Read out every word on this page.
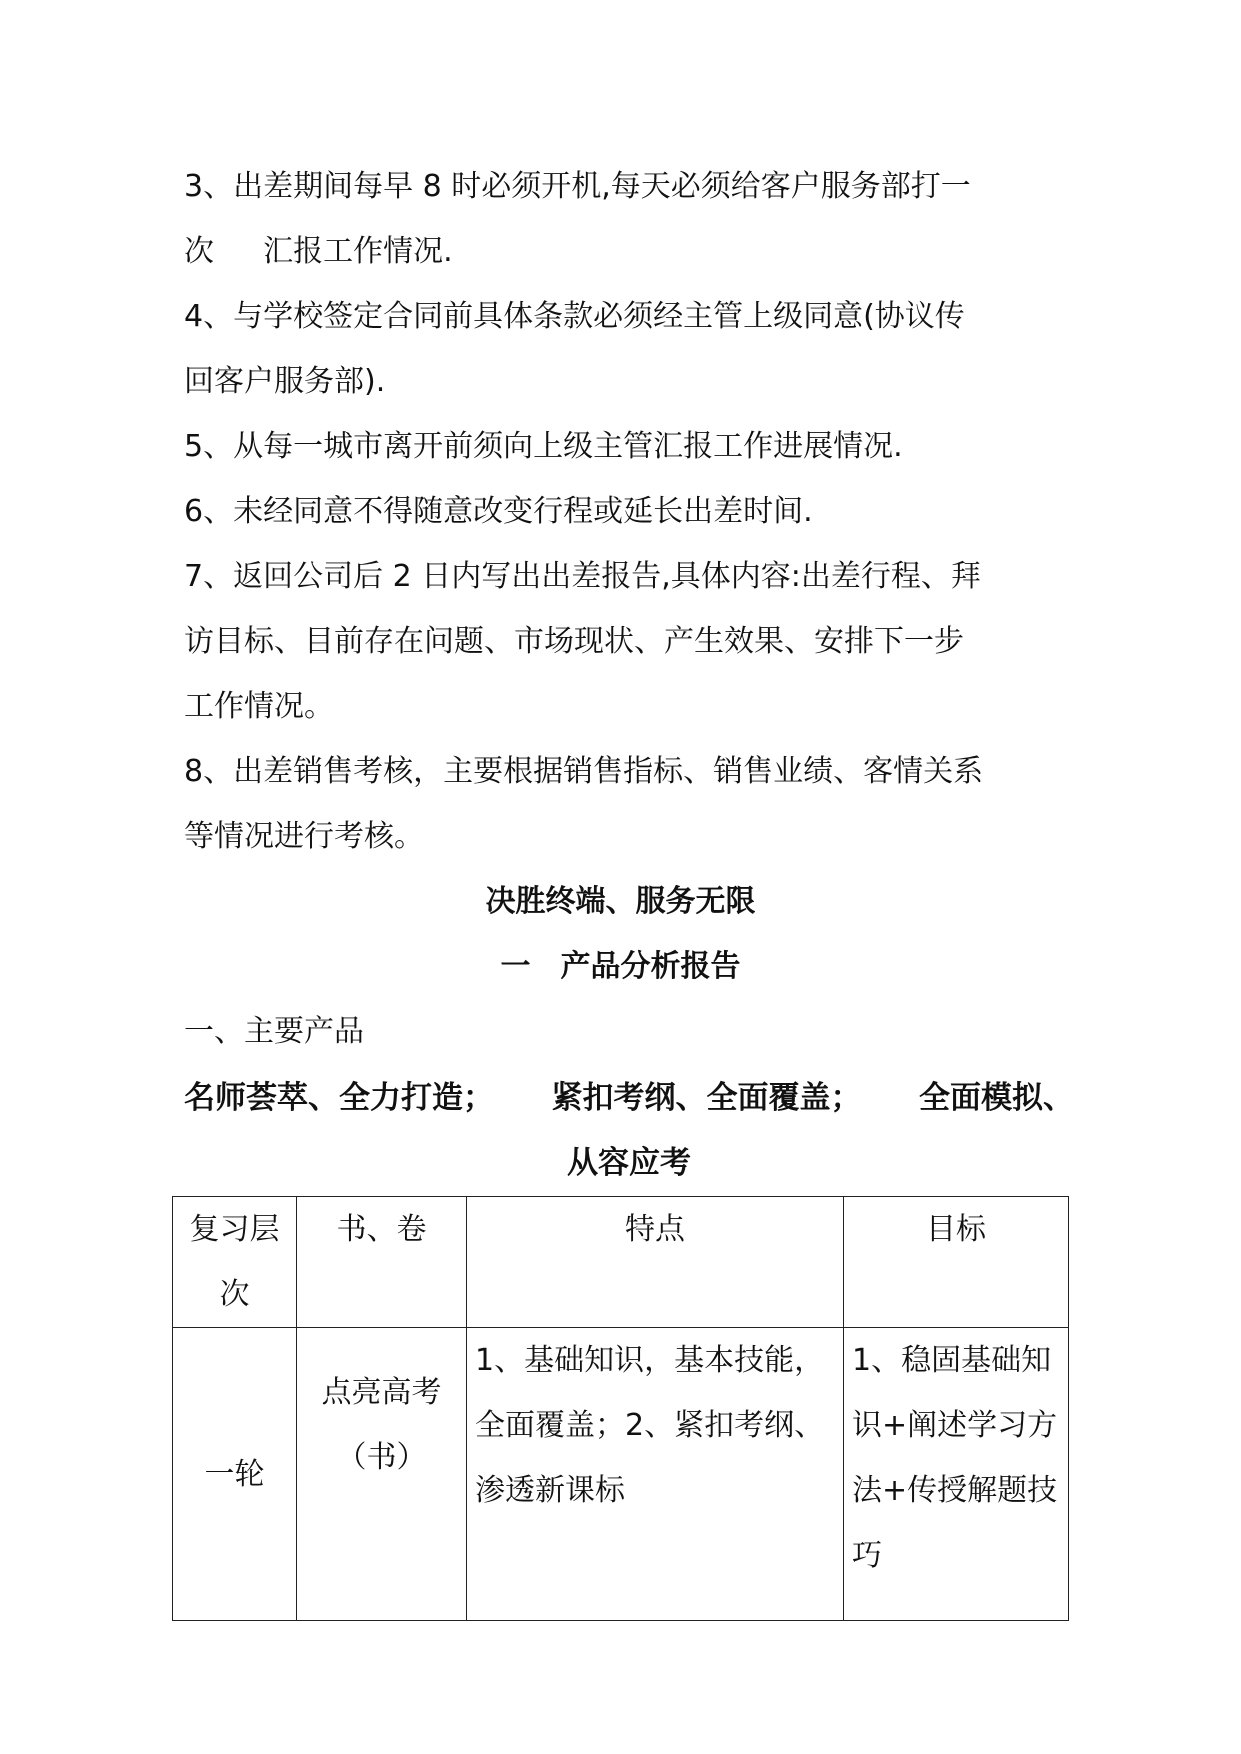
3、出差期间每早 8 时必须开机,每天必须给客户服务部打一
次　  汇报工作情况.
4、与学校签定合同前具体条款必须经主管上级同意(协议传
回客户服务部).
5、从每一城市离开前须向上级主管汇报工作进展情况.
6、未经同意不得随意改变行程或延长出差时间.
7、返回公司后 2 日内写出出差报告,具体内容:出差行程、拜
访目标、目前存在问题、市场现状、产生效果、安排下一步
工作情况。
8、出差销售考核，主要根据销售指标、销售业绩、客情关系
等情况进行考核。
决胜终端、服务无限
一　产品分析报告
一、主要产品
名师荟萃、全力打造； 紧扣考纲、全面覆盖； 全面模拟、
从容应考
复习层次	书、卷	特点	目标
一轮	点亮高考（书）	1、基础知识，基本技能，全面覆盖；2、紧扣考纲、渗透新课标	1、稳固基础知识+阐述学习方法+传授解题技巧
